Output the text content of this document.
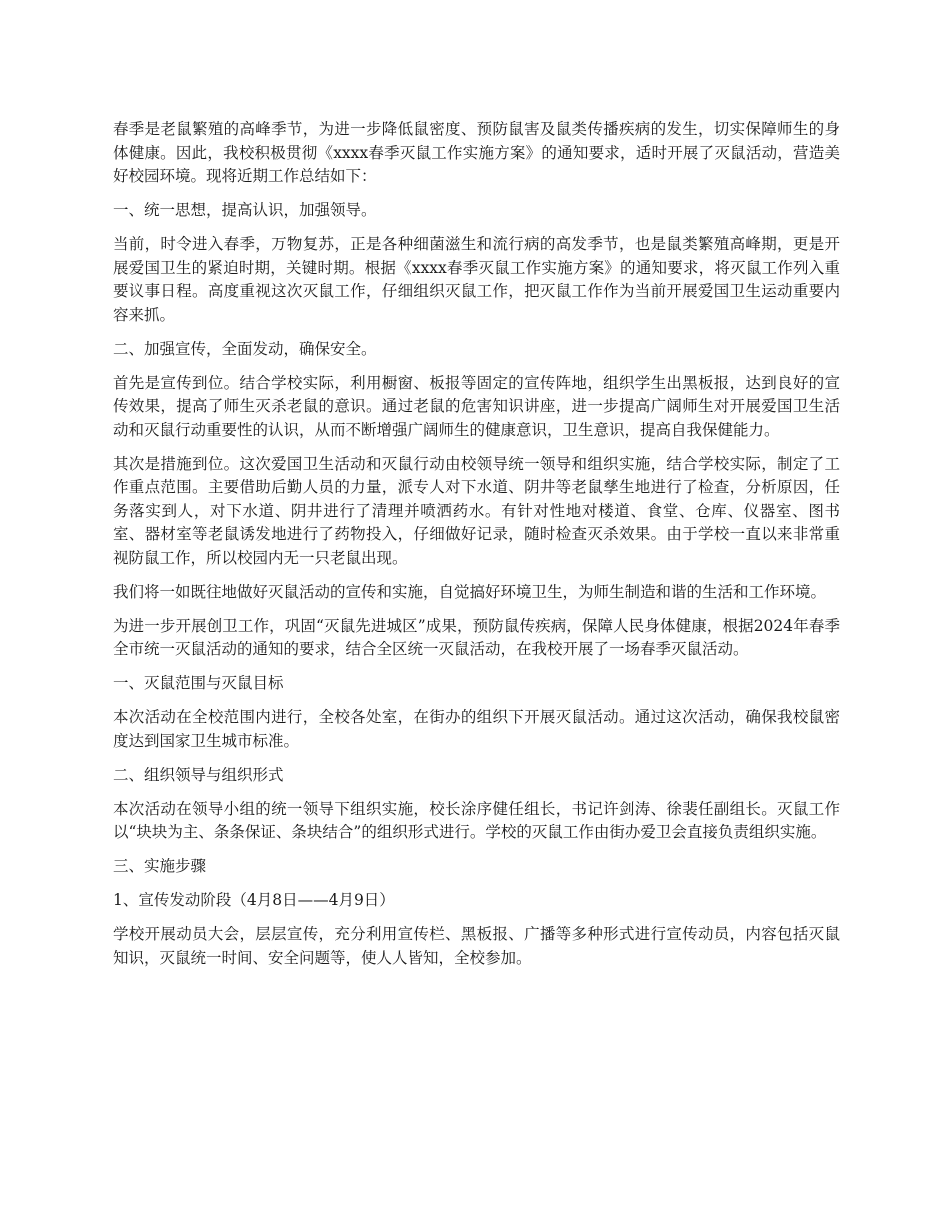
春季是老鼠繁殖的高峰季节，为进一步降低鼠密度、预防鼠害及鼠类传播疾病的发生，切实保障师生的身体健康。因此，我校积极贯彻《xxxx春季灭鼠工作实施方案》的通知要求，适时开展了灭鼠活动，营造美好校园环境。现将近期工作总结如下：

一、统一思想，提高认识，加强领导。

当前，时令进入春季，万物复苏，正是各种细菌滋生和流行病的高发季节，也是鼠类繁殖高峰期，更是开展爱国卫生的紧迫时期，关键时期。根据《xxxx春季灭鼠工作实施方案》的通知要求，将灭鼠工作列入重要议事日程。高度重视这次灭鼠工作，仔细组织灭鼠工作，把灭鼠工作作为当前开展爱国卫生运动重要内容来抓。

二、加强宣传，全面发动，确保安全。

首先是宣传到位。结合学校实际，利用橱窗、板报等固定的宣传阵地，组织学生出黑板报，达到良好的宣传效果，提高了师生灭杀老鼠的意识。通过老鼠的危害知识讲座，进一步提高广阔师生对开展爱国卫生活动和灭鼠行动重要性的认识，从而不断增强广阔师生的健康意识，卫生意识，提高自我保健能力。

其次是措施到位。这次爱国卫生活动和灭鼠行动由校领导统一领导和组织实施，结合学校实际，制定了工作重点范围。主要借助后勤人员的力量，派专人对下水道、阴井等老鼠孳生地进行了检查，分析原因，任务落实到人，对下水道、阴井进行了清理并喷洒药水。有针对性地对楼道、食堂、仓库、仪器室、图书室、器材室等老鼠诱发地进行了药物投入，仔细做好记录，随时检查灭杀效果。由于学校一直以来非常重视防鼠工作，所以校园内无一只老鼠出现。

我们将一如既往地做好灭鼠活动的宣传和实施，自觉搞好环境卫生，为师生制造和谐的生活和工作环境。

为进一步开展创卫工作，巩固“灭鼠先进城区”成果，预防鼠传疾病，保障人民身体健康，根据2024年春季全市统一灭鼠活动的通知的要求，结合全区统一灭鼠活动，在我校开展了一场春季灭鼠活动。

一、灭鼠范围与灭鼠目标

本次活动在全校范围内进行，全校各处室，在街办的组织下开展灭鼠活动。通过这次活动，确保我校鼠密度达到国家卫生城市标准。

二、组织领导与组织形式

本次活动在领导小组的统一领导下组织实施，校长涂序健任组长，书记许剑涛、徐裴任副组长。灭鼠工作以“块块为主、条条保证、条块结合”的组织形式进行。学校的灭鼠工作由街办爱卫会直接负责组织实施。

三、实施步骤

1、宣传发动阶段（4月8日——4月9日）

学校开展动员大会，层层宣传，充分利用宣传栏、黑板报、广播等多种形式进行宣传动员，内容包括灭鼠知识，灭鼠统一时间、安全问题等，使人人皆知，全校参加。
